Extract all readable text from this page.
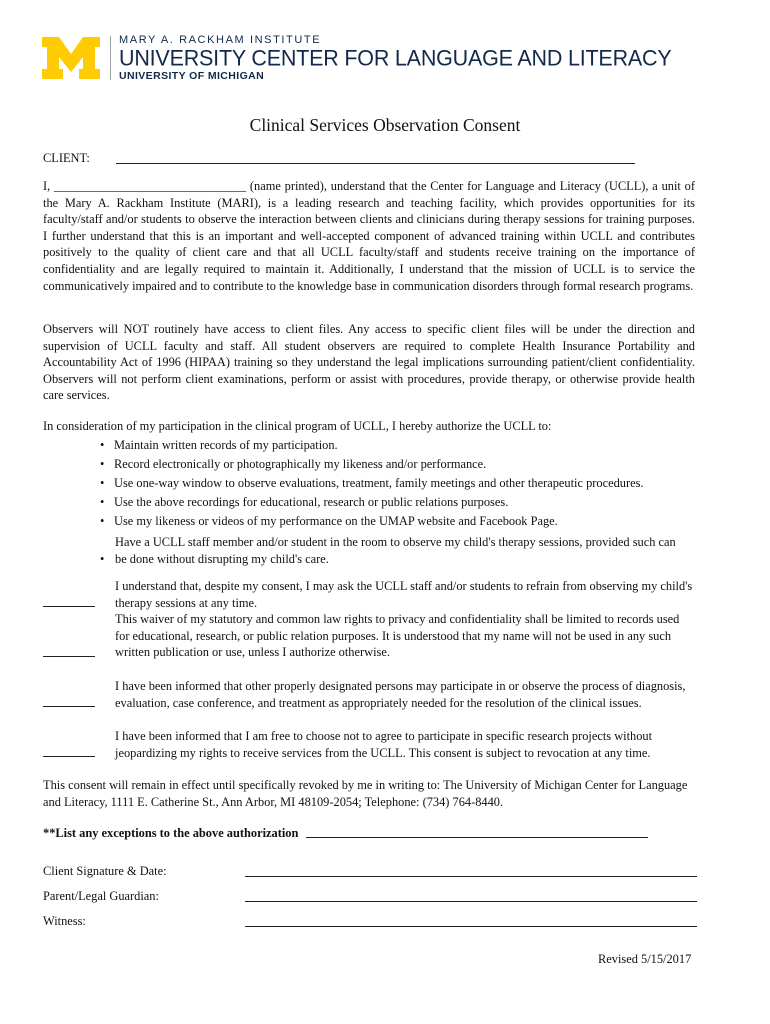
MARY A. RACKHAM INSTITUTE
UNIVERSITY CENTER FOR LANGUAGE AND LITERACY
UNIVERSITY OF MICHIGAN
Clinical Services Observation Consent
CLIENT:
I, _______________________________ (name printed), understand that the Center for Language and Literacy (UCLL), a unit of the Mary A. Rackham Institute (MARI), is a leading research and teaching facility, which provides opportunities for its faculty/staff and/or students to observe the interaction between clients and clinicians during therapy sessions for training purposes. I further understand that this is an important and well-accepted component of advanced training within UCLL and contributes positively to the quality of client care and that all UCLL faculty/staff and students receive training on the importance of confidentiality and are legally required to maintain it. Additionally, I understand that the mission of UCLL is to service the communicatively impaired and to contribute to the knowledge base in communication disorders through formal research programs.
Observers will NOT routinely have access to client files. Any access to specific client files will be under the direction and supervision of UCLL faculty and staff. All student observers are required to complete Health Insurance Portability and Accountability Act of 1996 (HIPAA) training so they understand the legal implications surrounding patient/client confidentiality. Observers will not perform client examinations, perform or assist with procedures, provide therapy, or otherwise provide health care services.
In consideration of my participation in the clinical program of UCLL, I hereby authorize the UCLL to:
• Maintain written records of my participation.
• Record electronically or photographically my likeness and/or performance.
• Use one-way window to observe evaluations, treatment, family meetings and other therapeutic procedures.
• Use the above recordings for educational, research or public relations purposes.
• Use my likeness or videos of my performance on the UMAP website and Facebook Page.
Have a UCLL staff member and/or student in the room to observe my child's therapy sessions, provided such can
• be done without disrupting my child's care.
I understand that, despite my consent, I may ask the UCLL staff and/or students to refrain from observing my child's therapy sessions at any time.
This waiver of my statutory and common law rights to privacy and confidentiality shall be limited to records used for educational, research, or public relation purposes. It is understood that my name will not be used in any such written publication or use, unless I authorize otherwise.
I have been informed that other properly designated persons may participate in or observe the process of diagnosis, evaluation, case conference, and treatment as appropriately needed for the resolution of the clinical issues.
I have been informed that I am free to choose not to agree to participate in specific research projects without jeopardizing my rights to receive services from the UCLL. This consent is subject to revocation at any time.
This consent will remain in effect until specifically revoked by me in writing to: The University of Michigan Center for Language and Literacy, 1111 E. Catherine St., Ann Arbor, MI 48109-2054; Telephone: (734) 764-8440.
**List any exceptions to the above authorization
Client Signature & Date:
Parent/Legal Guardian:
Witness:
Revised 5/15/2017
